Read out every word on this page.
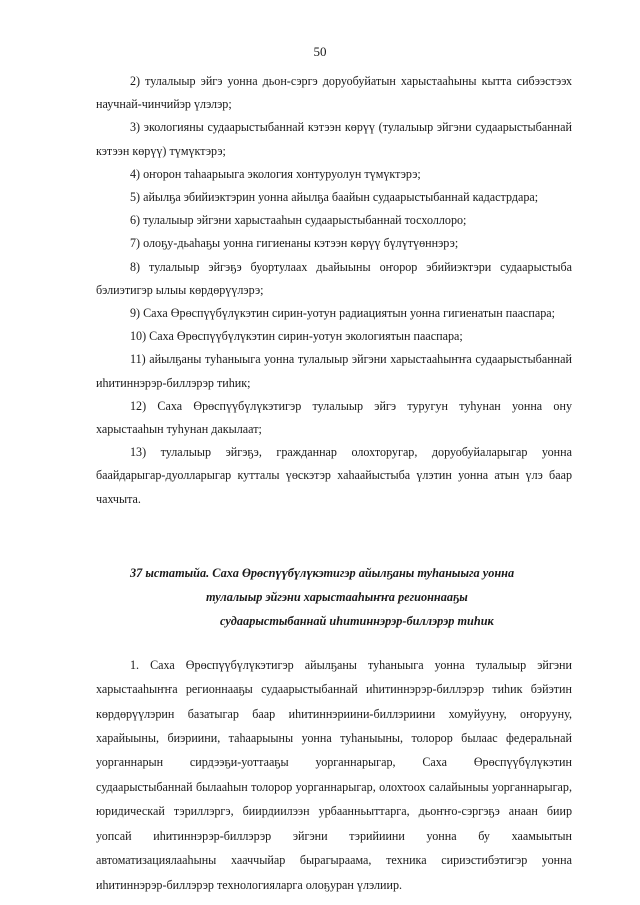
50

2) тулалыыр эйгэ уонна дьон-сэргэ доруобуйатын харыстааһыны кытта сибээстээх научнай-чинчийэр үлэлэр;

3) экологияны судаарыстыбаннай кэтээн көрүү (тулалыыр эйгэни судаарыстыбаннай кэтээн көрүү) түмүктэрэ;

4) оҥорон таһаарыыга экология хонтуруолун түмүктэрэ;

5) айылҕа эбийиэктэрин уонна айылҕа баайын судаарыстыбаннай кадастрдара;

6) тулалыыр эйгэни харыстааһын судаарыстыбаннай тосхоллоро;

7) олоҕу-дьаһаҕы уонна гигиенаны кэтээн көрүү бүлүтүөннэрэ;

8) тулалыыр эйгэҕэ буортулаах дьайыыны оҥорор эбийиэктэри судаарыстыба бэлиэтигэр ылыы көрдөрүүлэрэ;

9) Саха Өрөспүүбүлүкэтин сирин-уотун радиациятын уонна гигиенатын пааспара;

10) Саха Өрөспүүбүлүкэтин сирин-уотун экологиятын пааспара;

11) айылҕаны туһаныыга уонна тулалыыр эйгэни харыстааһыҥҥа судаарыстыбаннай иһитиннэрэр-биллэрэр тиһик;

12) Саха Өрөспүүбүлүкэтигэр тулалыыр эйгэ туругун туһунан уонна ону харыстааһын туһунан дакылаат;

13) тулалыыр эйгэҕэ, гражданнар олохторугар, доруобуйаларыгар уонна баайдарыгар-дуолларыгар кутталы үөскэтэр хаһаайыстыба үлэтин уонна атын үлэ баар чахчыта.

37 ыстатыйа. Саха Өрөспүүбүлүкэтигэр айылҕаны туһаныыга уонна
тулалыыр эйгэни харыстааһыҥҥа регионнааҕы
судаарыстыбаннай иһитиннэрэр-биллэрэр тиһик

1. Саха Өрөспүүбүлүкэтигэр айылҕаны туһаныыга уонна тулалыыр эйгэни харыстааһыҥҥа регионнааҕы судаарыстыбаннай иһитиннэрэр-биллэрэр тиһик бэйэтин көрдөрүүлэрин базатыгар баар иһитиннэриини-биллэриини хомуйууну, оҥорууну, харайыыны, биэриини, таһаарыыны уонна туһаныыны, толорор былаас федеральнай уорганнарын сирдээҕи-уоттааҕы уорганнарыгар, Саха Өрөспүүбүлүкэтин судаарыстыбаннай былааһын толорор уорганнарыгар, олохтоох салайыныы уорганнарыгар, юридическай тэриллэргэ, биирдиилээн урбаанньыттарга, дьоҥҥо-сэргэҕэ анаан биир уопсай иһитиннэрэр-биллэрэр эйгэни тэрийиини уонна бу хаамыытын автоматизациялааһыны хааччыйар бырагыраама, техника сириэстибэтигэр уонна иһитиннэрэр-биллэрэр технологияларга олоҕуран үлэлиир.
